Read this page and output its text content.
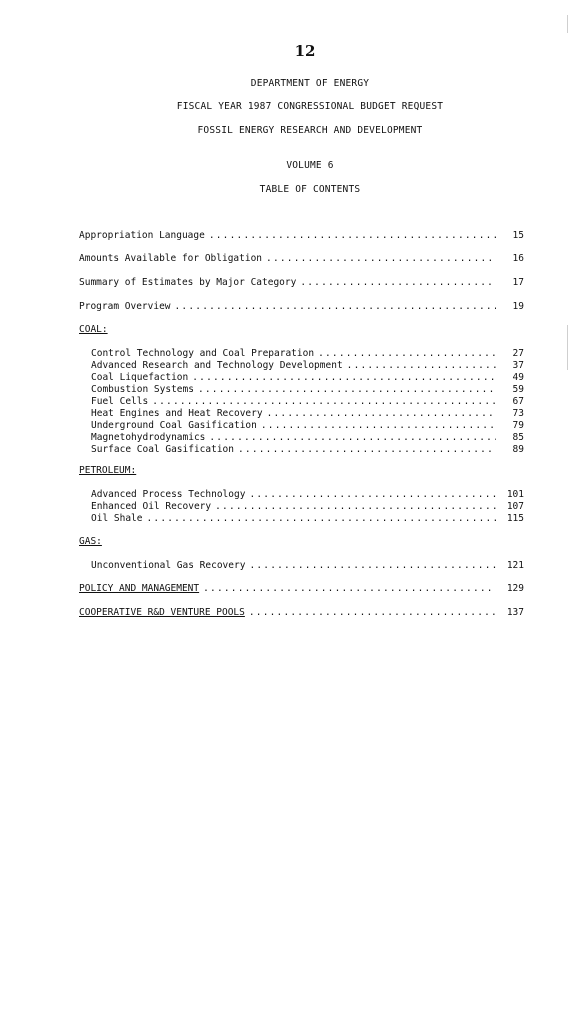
12
DEPARTMENT OF ENERGY
FISCAL YEAR 1987 CONGRESSIONAL BUDGET REQUEST
FOSSIL ENERGY RESEARCH AND DEVELOPMENT
VOLUME 6
TABLE OF CONTENTS
Appropriation Language .....	15
Amounts Available for Obligation .....	16
Summary of Estimates by Major Category .....	17
Program Overview .....	19
COAL:
Control Technology and Coal Preparation .....	27
Advanced Research and Technology Development .....	37
Coal Liquefaction .....	49
Combustion Systems .....	59
Fuel Cells .....	67
Heat Engines and Heat Recovery .....	73
Underground Coal Gasification .....	79
Magnetohydrodynamics .....	85
Surface Coal Gasification .....	89
PETROLEUM:
Advanced Process Technology .....	101
Enhanced Oil Recovery .....	107
Oil Shale .....	115
GAS:
Unconventional Gas Recovery .....	121
POLICY AND MANAGEMENT .....	129
COOPERATIVE R&D VENTURE POOLS .....	137
